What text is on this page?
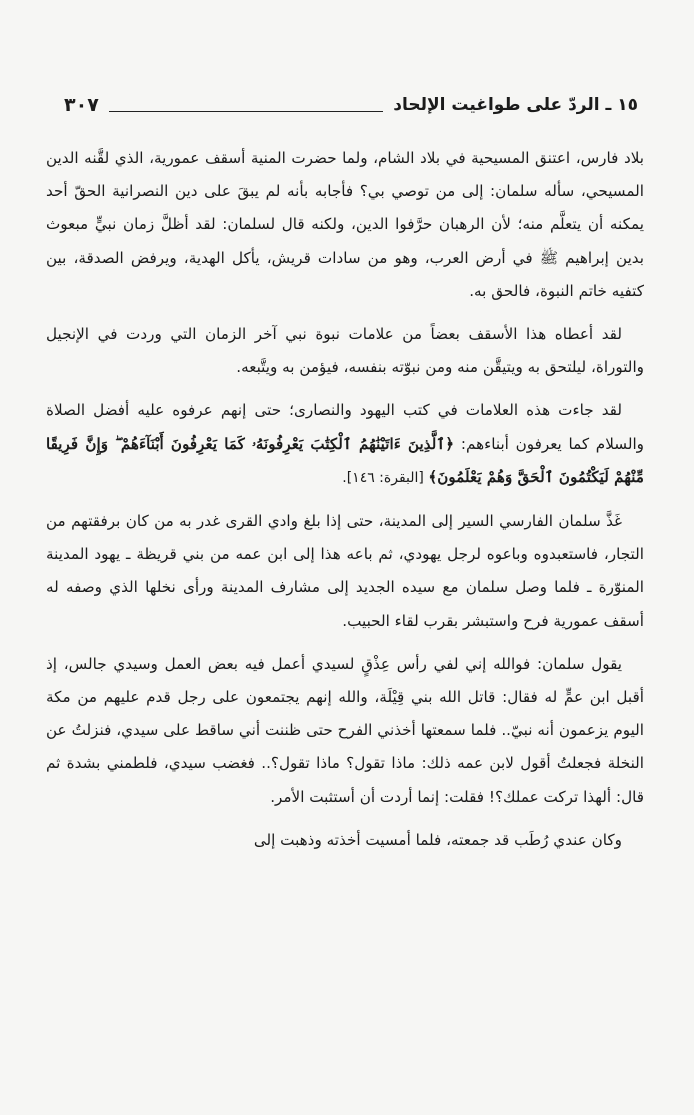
١٥ ـ الردّ على طواغيت الإلحاد
٣٠٧

بلاد فارس، اعتنق المسيحية في بلاد الشام، ولما حضرت المنية أسقف عمورية، الذي لقَّنه الدين المسيحي، سأله سلمان: إلى من توصي بي؟ فأجابه بأنه لم يبقَ على دين النصرانية الحقّ أحد يمكنه أن يتعلَّم منه؛ لأن الرهبان حرَّفوا الدين، ولكنه قال لسلمان: لقد أظلَّ زمان نبيٍّ مبعوث بدين إبراهيم ﷺ في أرض العرب، وهو من سادات قريش، يأكل الهدية، ويرفض الصدقة، بين كتفيه خاتم النبوة، فالحق به.

لقد أعطاه هذا الأسقف بعضاً من علامات نبوة نبي آخر الزمان التي وردت في الإنجيل والتوراة، ليلتحق به ويتيقَّن منه ومن نبوّته بنفسه، فيؤمن به ويتَّبعه.

لقد جاءت هذه العلامات في كتب اليهود والنصارى؛ حتى إنهم عرفوه عليه أفضل الصلاة والسلام كما يعرفون أبناءهم: ﴿ٱلَّذِينَ ءَاتَيْنَٰهُمُ ٱلْكِتَٰبَ يَعْرِفُونَهُۥ كَمَا يَعْرِفُونَ أَبْنَآءَهُمْ ۖ وَإِنَّ فَرِيقًا مِّنْهُمْ لَيَكْتُمُونَ ٱلْحَقَّ وَهُمْ يَعْلَمُونَ﴾ [البقرة: ١٤٦].

غَذَّ سلمان الفارسي السير إلى المدينة، حتى إذا بلغ وادي القرى غدر به من كان برفقتهم من التجار، فاستعبدوه وباعوه لرجل يهودي، ثم باعه هذا إلى ابن عمه من بني قريظة ـ يهود المدينة المنوّرة ـ فلما وصل سلمان مع سيده الجديد إلى مشارف المدينة ورأى نخلها الذي وصفه له أسقف عمورية فرح واستبشر بقرب لقاء الحبيب.

يقول سلمان: فوالله إني لفي رأس عِذْقٍ لسيدي أعمل فيه بعض العمل وسيدي جالس، إذ أقبل ابن عمٍّ له فقال: قاتل الله بني قِيْلَة، والله إنهم يجتمعون على رجل قدم عليهم من مكة اليوم يزعمون أنه نبيّ.. فلما سمعتها أخذني الفرح حتى ظننت أني ساقط على سيدي، فنزلتُ عن النخلة فجعلتُ أقول لابن عمه ذلك: ماذا تقول؟ ماذا تقول؟.. فغضب سيدي، فلطمني بشدة ثم قال: ألهذا تركت عملك؟! فقلت: إنما أردت أن أستثبت الأمر.

وكان عندي رُطَب قد جمعته، فلما أمسيت أخذته وذهبت إلى
